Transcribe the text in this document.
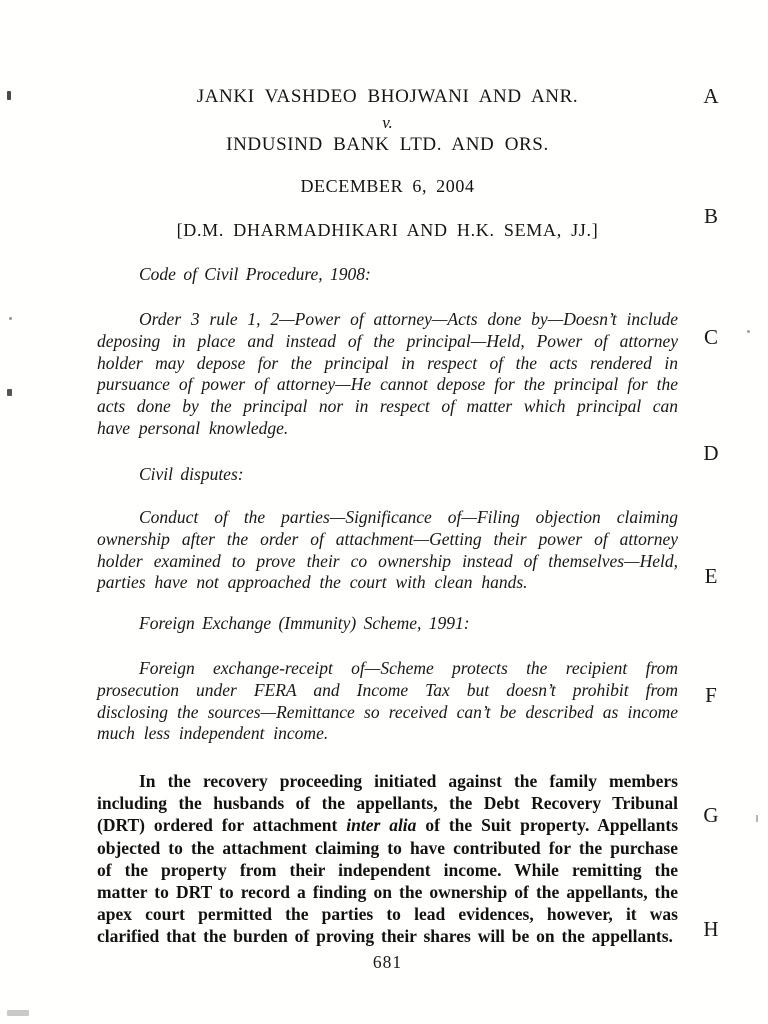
JANKI VASHDEO BHOJWANI AND ANR.
v.
INDUSIND BANK LTD. AND ORS.
DECEMBER 6, 2004
[D.M. DHARMADHIKARI AND H.K. SEMA, JJ.]
Code of Civil Procedure, 1908:
Order 3 rule 1, 2—Power of attorney—Acts done by—Doesn’t include deposing in place and instead of the principal—Held, Power of attorney holder may depose for the principal in respect of the acts rendered in pursuance of power of attorney—He cannot depose for the principal for the acts done by the principal nor in respect of matter which principal can have personal knowledge.
Civil disputes:
Conduct of the parties—Significance of—Filing objection claiming ownership after the order of attachment—Getting their power of attorney holder examined to prove their co ownership instead of themselves—Held, parties have not approached the court with clean hands.
Foreign Exchange (Immunity) Scheme, 1991:
Foreign exchange-receipt of—Scheme protects the recipient from prosecution under FERA and Income Tax but doesn’t prohibit from disclosing the sources—Remittance so received can’t be described as income much less independent income.
In the recovery proceeding initiated against the family members including the husbands of the appellants, the Debt Recovery Tribunal (DRT) ordered for attachment inter alia of the Suit property. Appellants objected to the attachment claiming to have contributed for the purchase of the property from their independent income. While remitting the matter to DRT to record a finding on the ownership of the appellants, the apex court permitted the parties to lead evidences, however, it was clarified that the burden of proving their shares will be on the appellants.
A
B
C
D
E
F
G
H
681
